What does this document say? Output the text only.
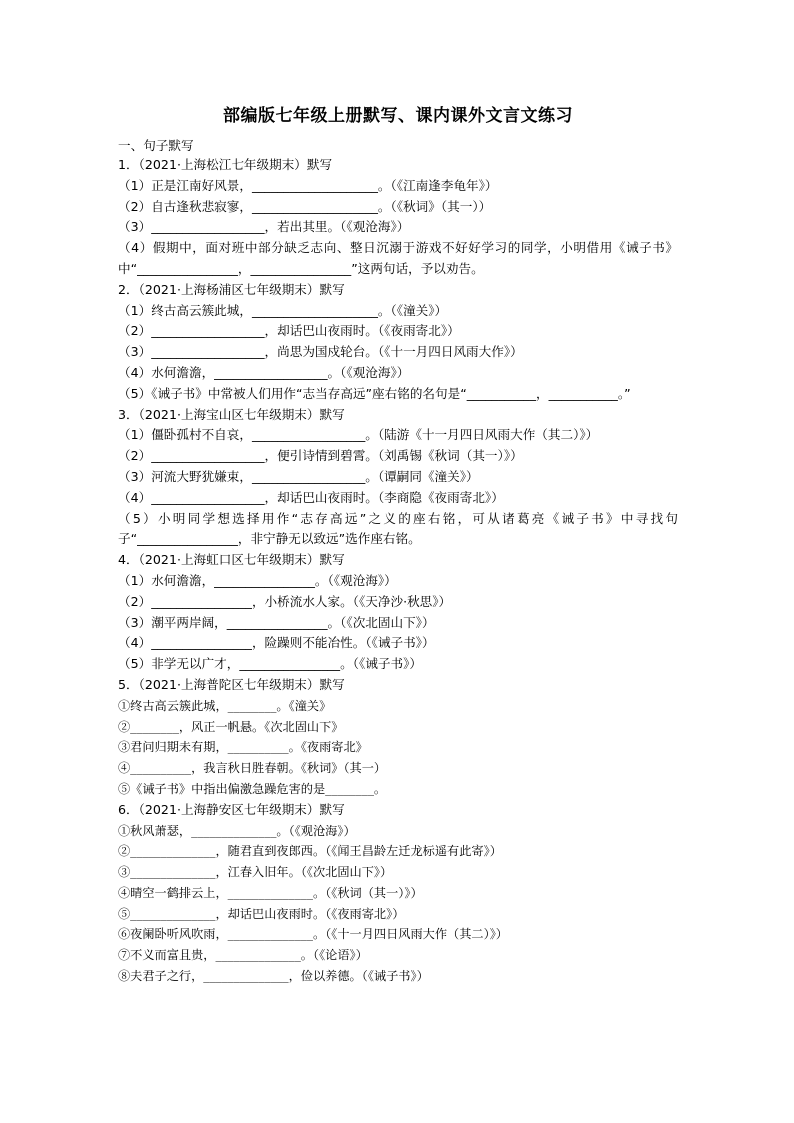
部编版七年级上册默写、课内课外文言文练习
一、句子默写
1．（2021·上海松江七年级期末）默写
（1）正是江南好风景，____________________。（《江南逢李龟年》）
（2）自古逢秋悲寂寥，____________________。（《秋词》（其一））
（3）__________________，若出其里。（《观沧海》）
（4）假期中，面对班中部分缺乏志向、整日沉溺于游戏不好好学习的同学，小明借用《诫子书》中“________________，________________”这两句话，予以劝告。
2．（2021·上海杨浦区七年级期末）默写
（1）终古高云簇此城，____________________。（《潼关》）
（2）__________________，却话巴山夜雨时。（《夜雨寄北》）
（3）__________________，尚思为国戍轮台。（《十一月四日风雨大作》）
（4）水何澹澹，__________________。（《观沧海》）
（5）《诫子书》中常被人们用作“志当存高远”座右铭的名句是“___________，___________。”
3．（2021·上海宝山区七年级期末）默写
（1）僵卧孤村不自哀，__________________。（陆游《十一月四日风雨大作（其二）》）
（2）__________________，便引诗情到碧霄。（刘禹锡《秋词（其一）》）
（3）河流大野犹嫌束，__________________。（谭嗣同《潼关》）
（4）__________________，却话巴山夜雨时。（李商隐《夜雨寄北》）
（5）小明同学想选择用作“志存高远”之义的座右铭，可从诸葛亮《诫子书》中寻找句子“________________，非宁静无以致远”选作座右铭。
4．（2021·上海虹口区七年级期末）默写
（1）水何澹澹，________________。（《观沧海》）
（2）________________，小桥流水人家。（《天净沙·秋思》）
（3）潮平两岸阔，________________。（《次北固山下》）
（4）________________，险躁则不能冶性。（《诫子书》）
（5）非学无以广才，________________。（《诫子书》）
5．（2021·上海普陀区七年级期末）默写
①终古高云簇此城，________。《潼关》
②________，风正一帆悬。《次北固山下》
③君问归期未有期，__________。《夜雨寄北》
④__________，我言秋日胜春朝。《秋词》（其一）
⑤《诫子书》中指出偏激急躁危害的是________。
6．（2021·上海静安区七年级期末）默写
①秋风萧瑟，______________。（《观沧海》）
②______________，随君直到夜郎西。（《闻王昌龄左迁龙标遥有此寄》）
③______________，江春入旧年。（《次北固山下》）
④晴空一鹤排云上，______________。（《秋词（其一）》）
⑤______________，却话巴山夜雨时。（《夜雨寄北》）
⑥夜阑卧听风吹雨，______________。（《十一月四日风雨大作（其二）》）
⑦不义而富且贵，______________。（《论语》）
⑧夫君子之行，______________，俭以养德。（《诫子书》）
